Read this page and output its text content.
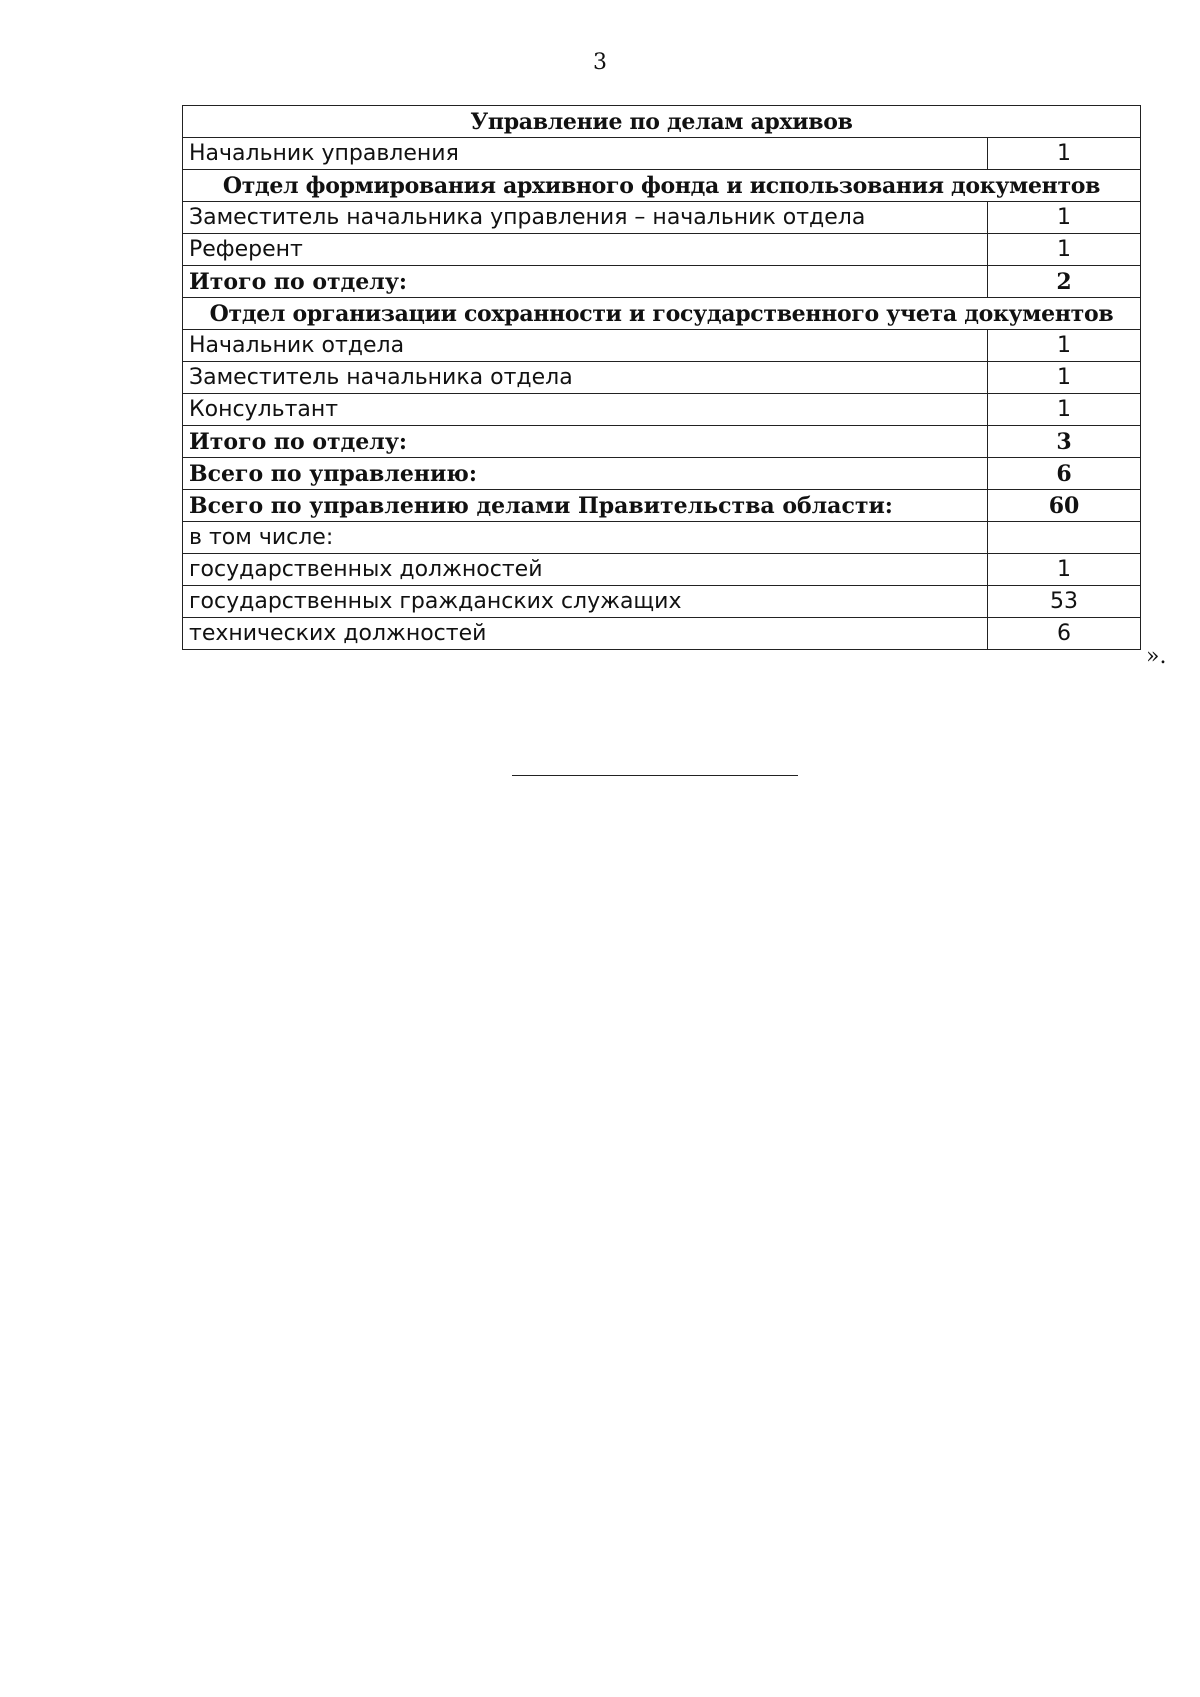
3
Управление по делам архивов	
Начальник управления	1
Отдел формирования архивного фонда и использования документов	
Заместитель начальника управления – начальник отдела	1
Референт	1
Итого по отделу:	2
Отдел организации сохранности и государственного учета документов	
Начальник отдела	1
Заместитель начальника отдела	1
Консультант	1
Итого по отделу:	3
Всего по управлению:	6
Всего по управлению делами Правительства области:	60
в том числе:	
государственных должностей	1
государственных гражданских служащих	53
технических должностей	6
».
